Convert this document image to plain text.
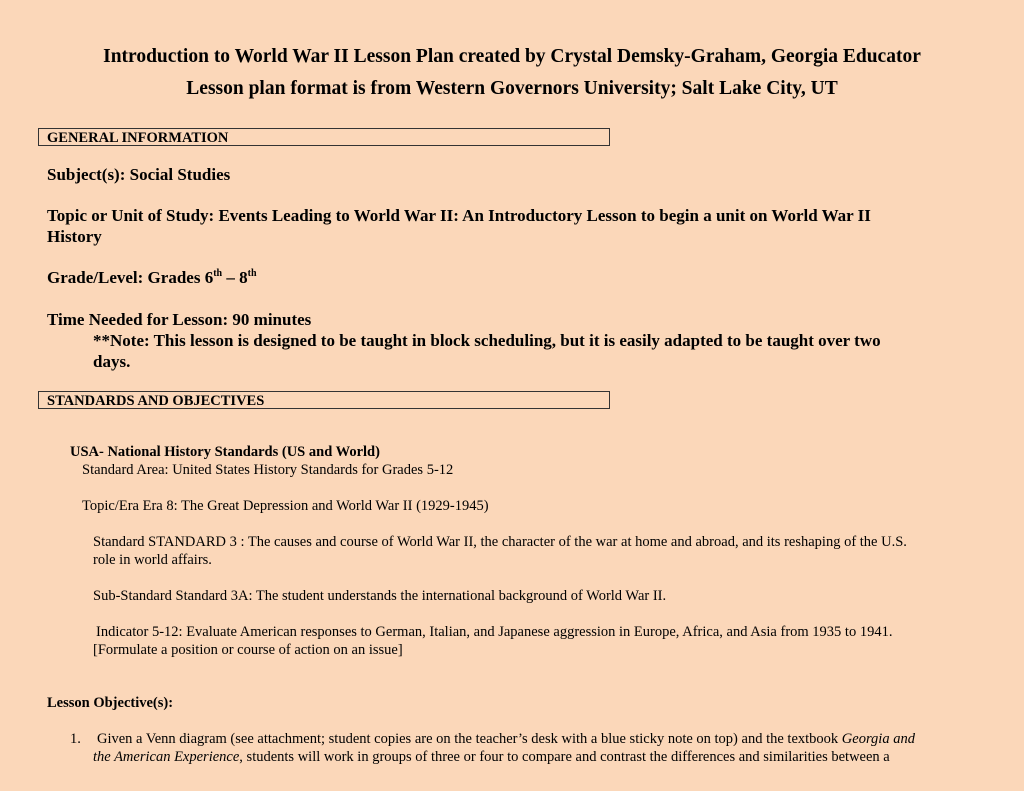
Introduction to World War II Lesson Plan created by Crystal Demsky-Graham, Georgia Educator
Lesson plan format is from Western Governors University; Salt Lake City, UT
GENERAL INFORMATION
Subject(s): Social Studies
Topic or Unit of Study: Events Leading to World War II: An Introductory Lesson to begin a unit on World War II
History
Grade/Level: Grades 6th – 8th
Time Needed for Lesson: 90 minutes
**Note: This lesson is designed to be taught in block scheduling, but it is easily adapted to be taught over two
days.
STANDARDS AND OBJECTIVES
USA- National History Standards (US and World)
Standard Area: United States History Standards for Grades 5-12
Topic/Era Era 8: The Great Depression and World War II (1929-1945)
Standard STANDARD 3 : The causes and course of World War II, the character of the war at home and abroad, and its reshaping of the U.S.
role in world affairs.
Sub-Standard Standard 3A: The student understands the international background of World War II.
Indicator 5-12: Evaluate American responses to German, Italian, and Japanese aggression in Europe, Africa, and Asia from 1935 to 1941.
[Formulate a position or course of action on an issue]
Lesson Objective(s):
1. Given a Venn diagram (see attachment; student copies are on the teacher’s desk with a blue sticky note on top) and the textbook Georgia and
the American Experience, students will work in groups of three or four to compare and contrast the differences and similarities between a
